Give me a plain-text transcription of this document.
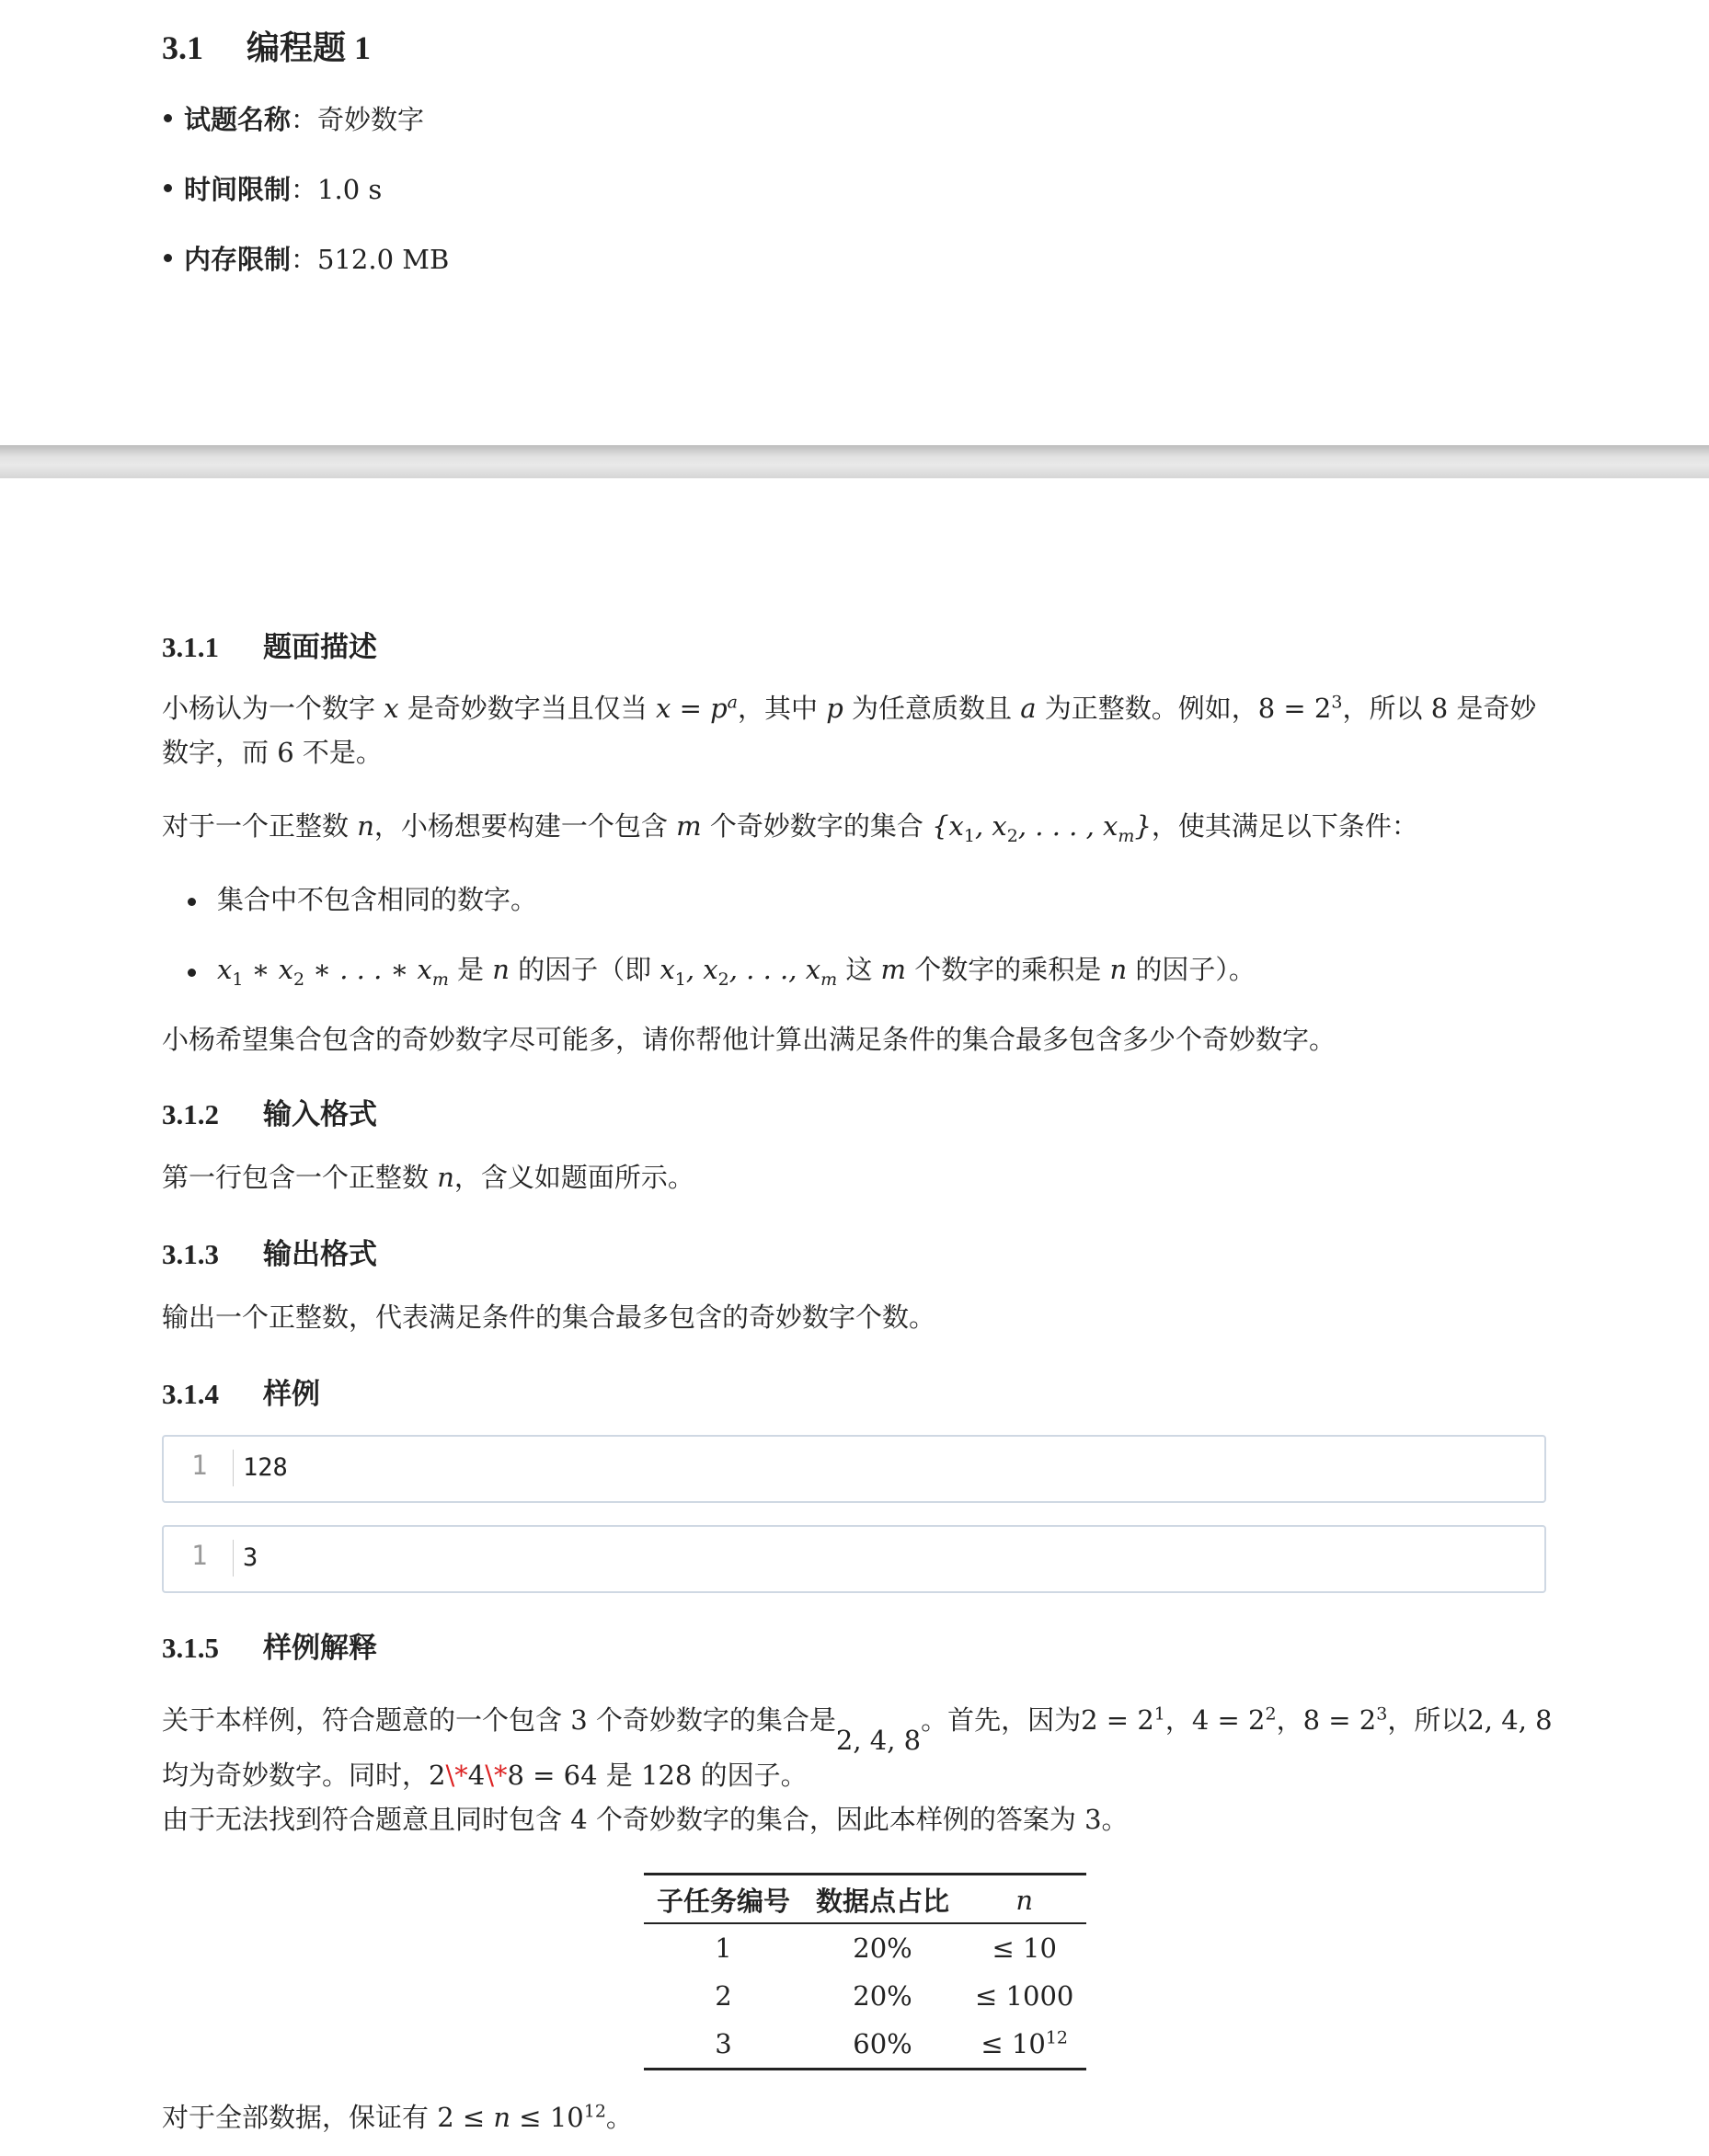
3.1 编程题 1
试题名称：奇妙数字
时间限制：1.0 s
内存限制：512.0 MB
3.1.1 题面描述
小杨认为一个数字 x 是奇妙数字当且仅当 $x = p^a$，其中 p 为任意质数且 a 为正整数。例如，$8 = 2^3$，所以 8 是奇妙
数字，而 6 不是。
对于一个正整数 n，小杨想要构建一个包含 m 个奇妙数字的集合 {$x_1$, $x_2$, . . . , $x_m$}，使其满足以下条件：
集合中不包含相同的数字。
$x_1$ ∗ $x_2$ ∗ . . . ∗ $x_m$ 是 n 的因子（即 $x_1$, $x_2$, . . ., $x_m$ 这 m 个数字的乘积是 n 的因子）。
小杨希望集合包含的奇妙数字尽可能多，请你帮他计算出满足条件的集合最多包含多少个奇妙数字。
3.1.2 输入格式
第一行包含一个正整数 n，含义如题面所示。
3.1.3 输出格式
输出一个正整数，代表满足条件的集合最多包含的奇妙数字个数。
3.1.4 样例
1 128
1 3
3.1.5 样例解释
关于本样例，符合题意的一个包含 3 个奇妙数字的集合是2, 4, 8。首先，因为$2 = 2^1$，$4 = 2^2$，$8 = 2^3$，所以2, 4, 8
均为奇妙数字。同时，2\*4\*8 = 64 是 128 的因子。
由于无法找到符合题意且同时包含 4 个奇妙数字的集合，因此本样例的答案为 3。
子任务编号	数据点占比	n
1	20%	≤ 10
2	20%	≤ 1000
3	60%	≤ $10^{12}$
对于全部数据，保证有 $2 \le n \le 10^{12}$。
